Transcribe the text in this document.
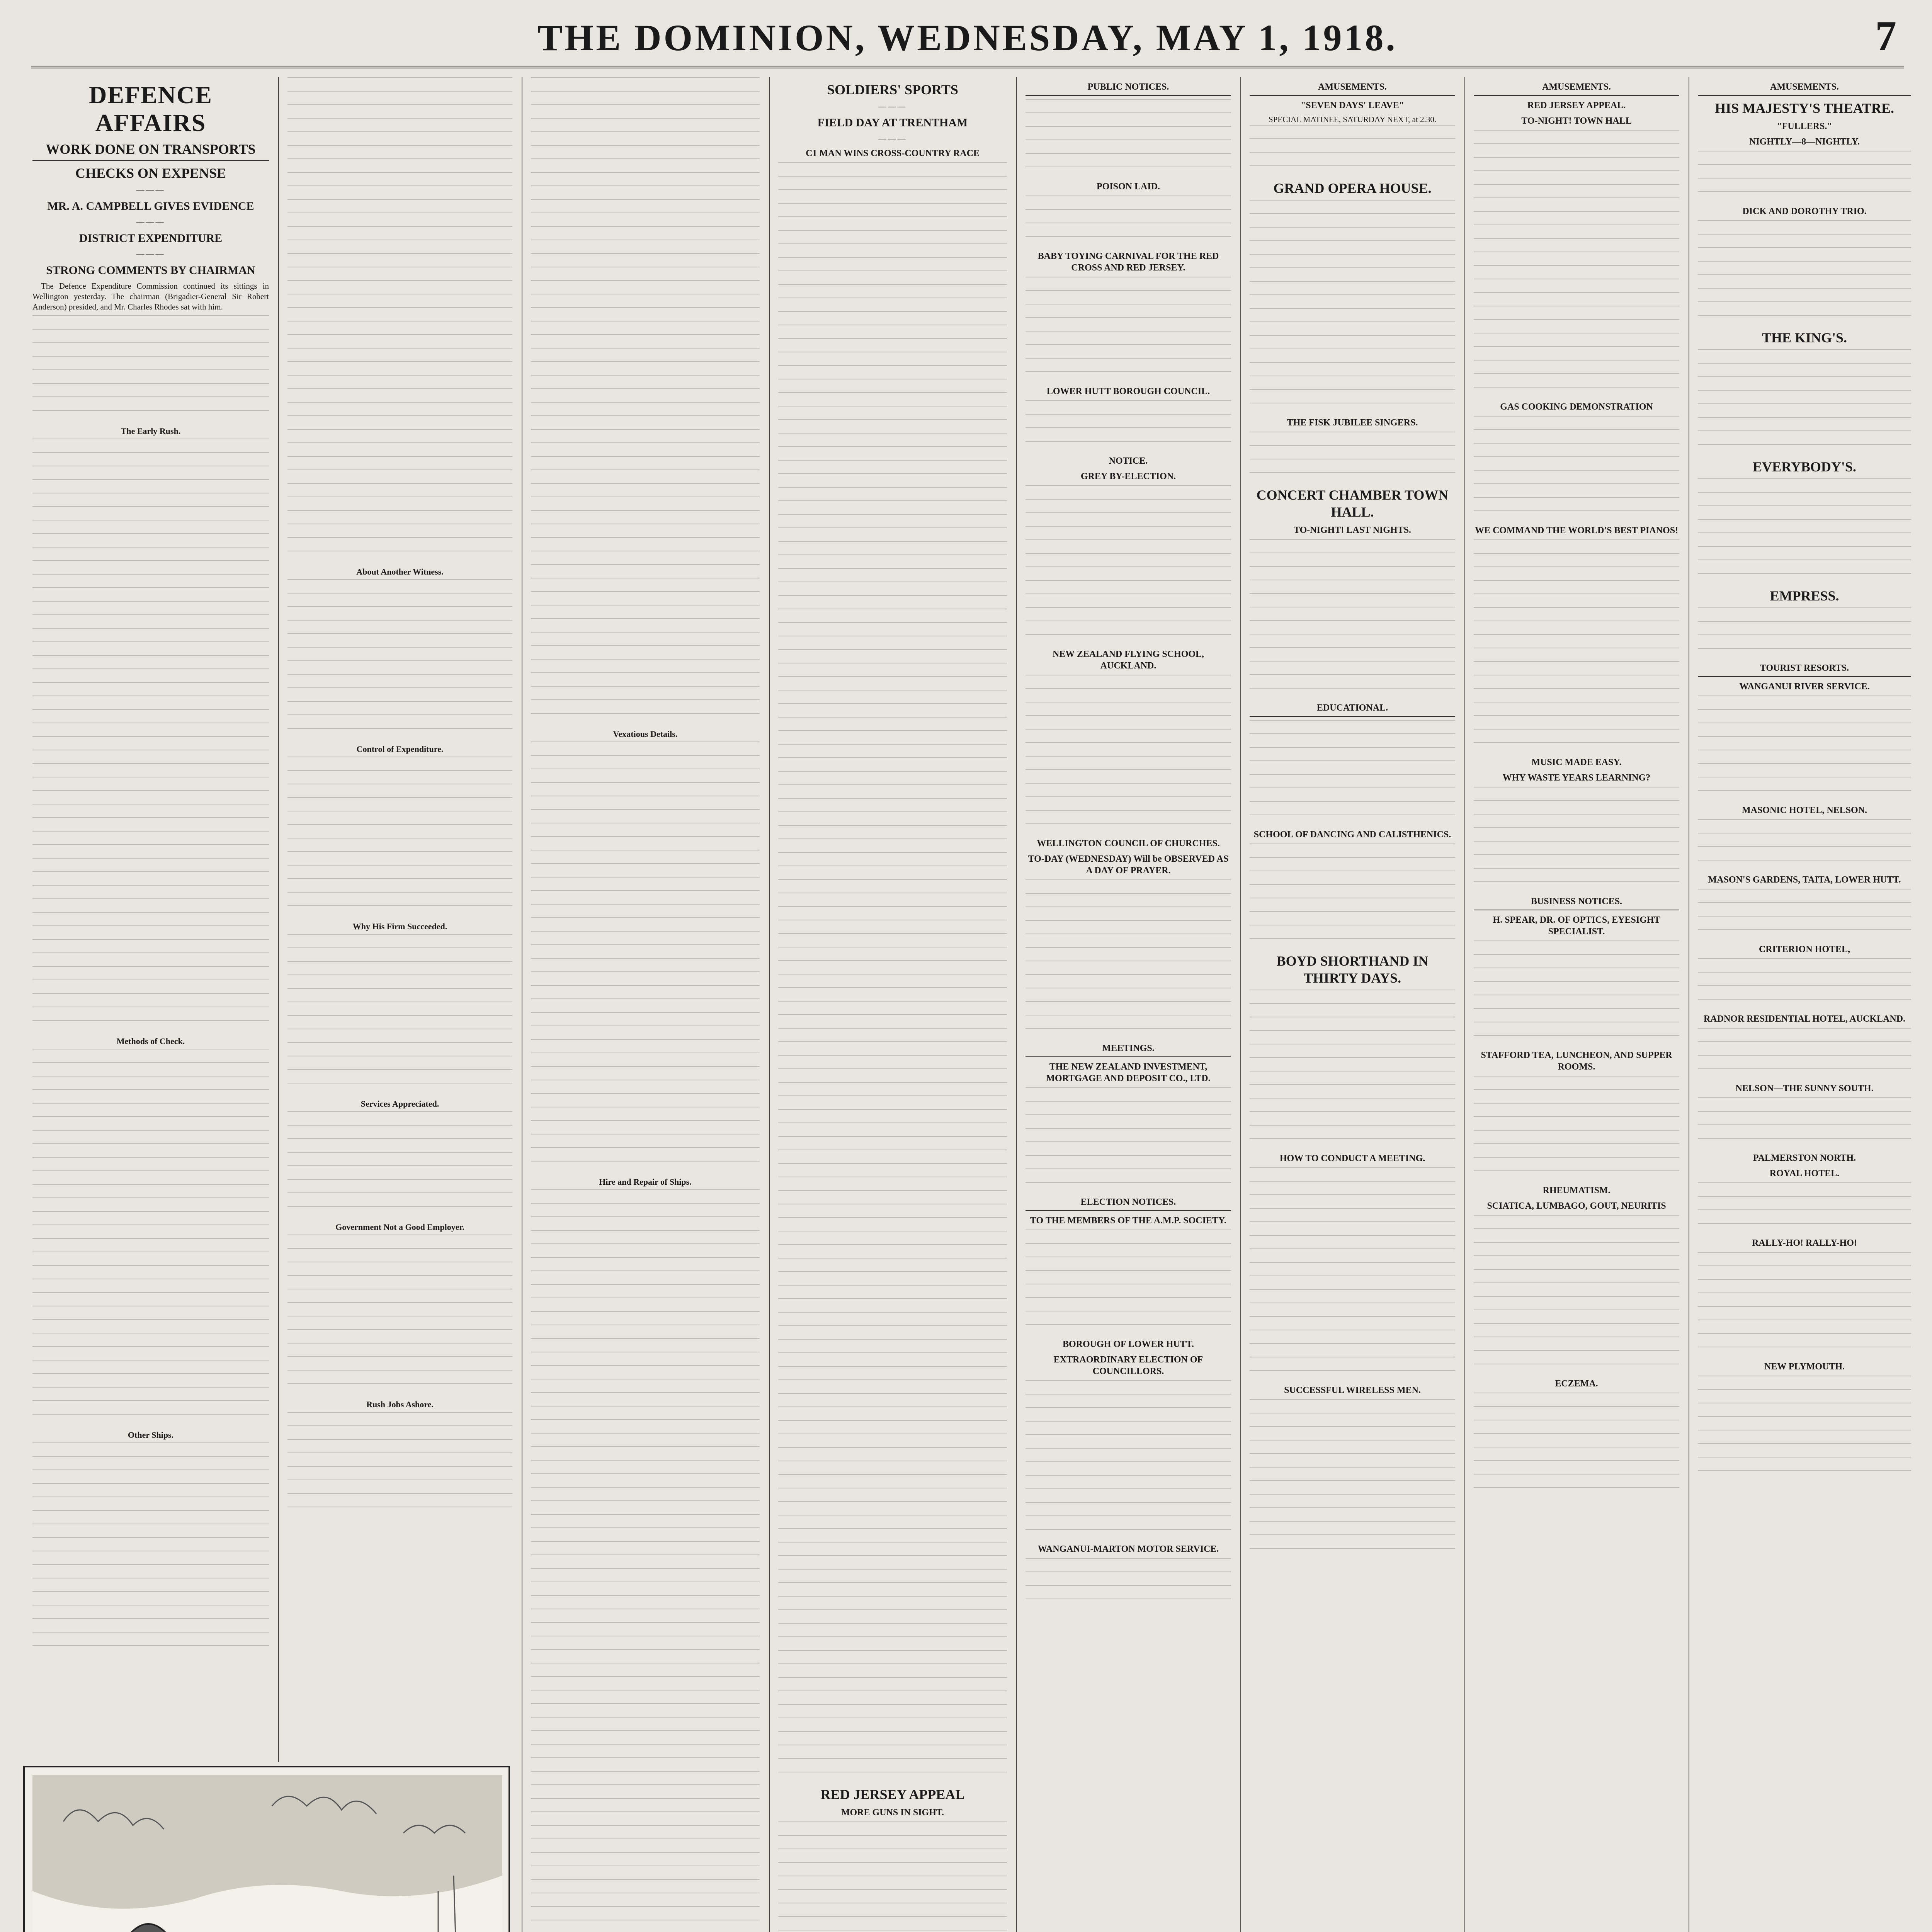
THE DOMINION, WEDNESDAY, MAY 1, 1918.	7
DEFENCE AFFAIRS
WORK DONE ON TRANSPORTS
CHECKS ON EXPENSE
———
MR. A. CAMPBELL GIVES EVIDENCE
———
DISTRICT EXPENDITURE
———
STRONG COMMENTS BY CHAIRMAN

The Defence Expenditure Commission continued its sittings in Wellington yesterday. The chairman (Brigadier-General Sir Robert Anderson) presided, and Mr. Charles Rhodes sat with him.

The Early Rush.
Methods of Check.
Other Ships.
About Another Witness.
Control of Expenditure.
Why His Firm Succeeded.
Services Appreciated.
Government Not a Good Employer.
Rush Jobs Ashore.
Vexatious Details.
Hire and Repair of Ships.
SOLDIERS' SPORTS
———
FIELD DAY AT TRENTHAM
———
C1 MAN WINS CROSS-COUNTRY RACE
RED JERSEY APPEAL
MORE GUNS IN SIGHT.
PUBLIC NOTICES.
POISON LAID.
BABY TOYING CARNIVAL FOR THE RED CROSS AND RED JERSEY.
LOWER HUTT BOROUGH COUNCIL.
NOTICE.
GREY BY-ELECTION.
NEW ZEALAND FLYING SCHOOL, AUCKLAND.
WELLINGTON COUNCIL OF CHURCHES.
TO-DAY (WEDNESDAY) Will be OBSERVED AS A DAY OF PRAYER.
MEETINGS.
THE NEW ZEALAND INVESTMENT, MORTGAGE AND DEPOSIT CO., LTD.
ELECTION NOTICES.
TO THE MEMBERS OF THE A.M.P. SOCIETY.
BOROUGH OF LOWER HUTT.
EXTRAORDINARY ELECTION OF COUNCILLORS.
WANGANUI-MARTON MOTOR SERVICE.
AMUSEMENTS.
"SEVEN DAYS' LEAVE"
SPECIAL MATINEE, SATURDAY NEXT, at 2.30.
GRAND OPERA HOUSE.
THE FISK JUBILEE SINGERS.
CONCERT CHAMBER TOWN HALL.
TO-NIGHT! LAST NIGHTS.
EDUCATIONAL.
SCHOOL OF DANCING AND CALISTHENICS.
BOYD SHORTHAND IN THIRTY DAYS.
HOW TO CONDUCT A MEETING.
SUCCESSFUL WIRELESS MEN.
AMUSEMENTS.
RED JERSEY APPEAL.
TO-NIGHT! TOWN HALL
GAS COOKING DEMONSTRATION
WE COMMAND THE WORLD'S BEST PIANOS!
MUSIC MADE EASY.
WHY WASTE YEARS LEARNING?
BUSINESS NOTICES.
H. SPEAR, DR. OF OPTICS, EYESIGHT SPECIALIST.
STAFFORD TEA, LUNCHEON, AND SUPPER ROOMS.
RHEUMATISM.
SCIATICA, LUMBAGO, GOUT, NEURITIS
ECZEMA.
AMUSEMENTS.
HIS MAJESTY'S THEATRE.
"FULLERS."
NIGHTLY—8—NIGHTLY.
DICK AND DOROTHY TRIO.
THE KING'S.
EVERYBODY'S.
EMPRESS.
TOURIST RESORTS.
WANGANUI RIVER SERVICE.
MASONIC HOTEL, NELSON.
MASON'S GARDENS, TAITA, LOWER HUTT.
CRITERION HOTEL,
RADNOR RESIDENTIAL HOTEL, AUCKLAND.
NELSON—THE SUNNY SOUTH.
PALMERSTON NORTH.
ROYAL HOTEL.
RALLY-HO! RALLY-HO!
NEW PLYMOUTH.
